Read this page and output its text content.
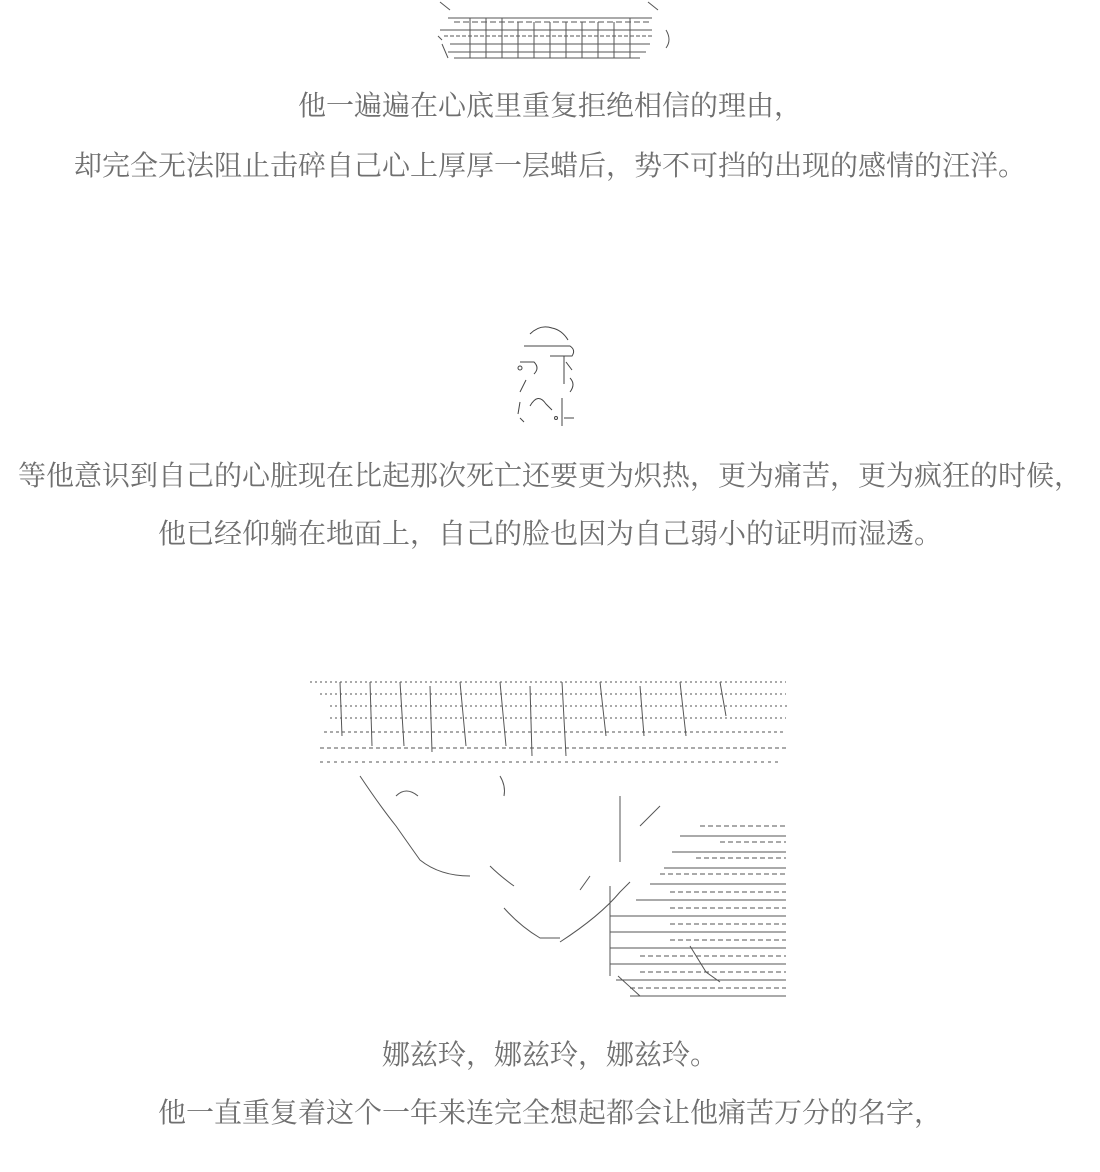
他一遍遍在心底里重复拒绝相信的理由，
却完全无法阻止击碎自己心上厚厚一层蜡后，势不可挡的出现的感情的汪洋。
等他意识到自己的心脏现在比起那次死亡还要更为炽热，更为痛苦，更为疯狂的时候，
他已经仰躺在地面上，自己的脸也因为自己弱小的证明而湿透。
娜兹玲，娜兹玲，娜兹玲。
他一直重复着这个一年来连完全想起都会让他痛苦万分的名字，
